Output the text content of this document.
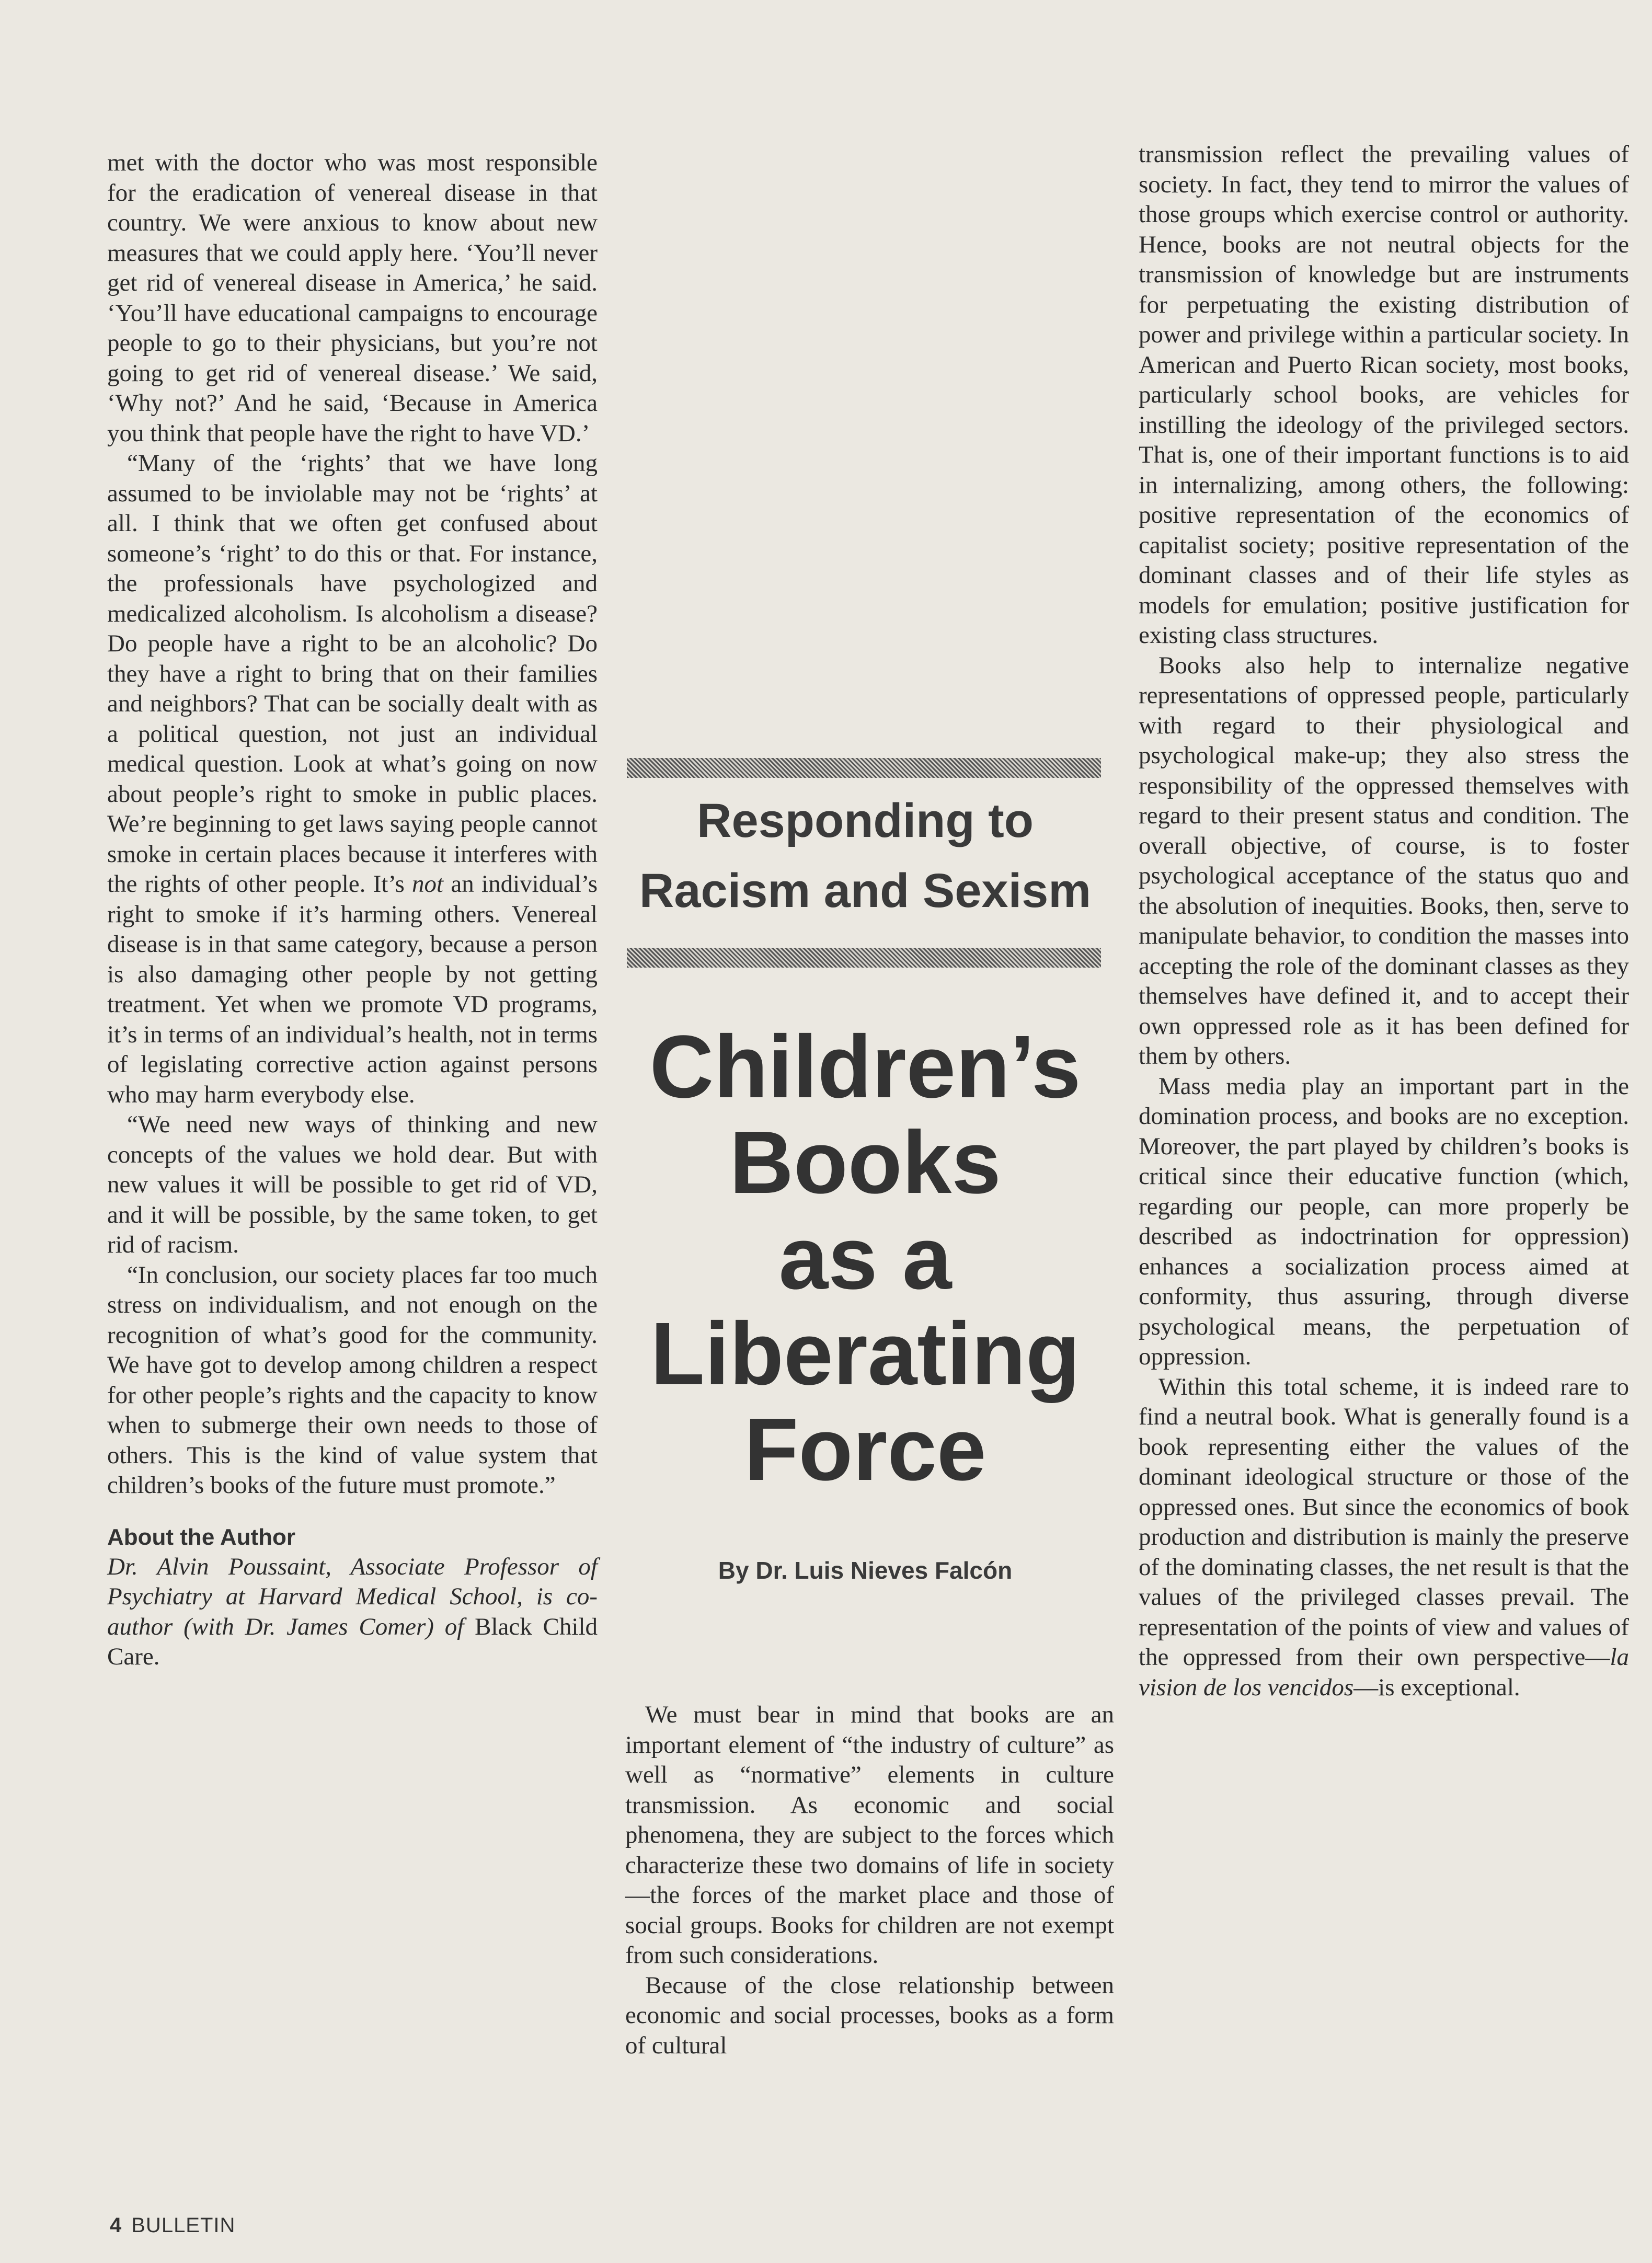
met with the doctor who was most responsible for the eradication of venereal disease in that country. We were anxious to know about new measures that we could apply here. ‘You’ll never get rid of venereal disease in America,’ he said. ‘You’ll have educational campaigns to encourage people to go to their physicians, but you’re not going to get rid of venereal disease.’ We said, ‘Why not?’ And he said, ‘Because in America you think that people have the right to have VD.’

“Many of the ‘rights’ that we have long assumed to be inviolable may not be ‘rights’ at all. I think that we often get confused about someone’s ‘right’ to do this or that. For instance, the professionals have psychologized and medicalized alcoholism. Is alcoholism a disease? Do people have a right to be an alcoholic? Do they have a right to bring that on their families and neighbors? That can be socially dealt with as a political question, not just an individual medical question. Look at what’s going on now about people’s right to smoke in public places. We’re beginning to get laws saying people cannot smoke in certain places because it interferes with the rights of other people. It’s not an individual’s right to smoke if it’s harming others. Venereal disease is in that same category, because a person is also damaging other people by not getting treatment. Yet when we promote VD programs, it’s in terms of an individual’s health, not in terms of legislating corrective action against persons who may harm everybody else.

“We need new ways of thinking and new concepts of the values we hold dear. But with new values it will be possible to get rid of VD, and it will be possible, by the same token, to get rid of racism.

“In conclusion, our society places far too much stress on individualism, and not enough on the recognition of what’s good for the community. We have got to develop among children a respect for other people’s rights and the capacity to know when to submerge their own needs to those of others. This is the kind of value system that children’s books of the future must promote.”

About the Author

Dr. Alvin Poussaint, Associate Professor of Psychiatry at Harvard Medical School, is co-author (with Dr. James Comer) of Black Child Care.

Responding to
Racism and Sexism
Children’s
Books
as a
Liberating
Force
By Dr. Luis Nieves Falcón

We must bear in mind that books are an important element of “the industry of culture” as well as “normative” elements in culture transmission. As economic and social phenomena, they are subject to the forces which characterize these two domains of life in society—the forces of the market place and those of social groups. Books for children are not exempt from such considerations.

Because of the close relationship between economic and social processes, books as a form of cultural

transmission reflect the prevailing values of society. In fact, they tend to mirror the values of those groups which exercise control or authority. Hence, books are not neutral objects for the transmission of knowledge but are instruments for perpetuating the existing distribution of power and privilege within a particular society. In American and Puerto Rican society, most books, particularly school books, are vehicles for instilling the ideology of the privileged sectors. That is, one of their important functions is to aid in internalizing, among others, the following: positive representation of the economics of capitalist society; positive representation of the dominant classes and of their life styles as models for emulation; positive justification for existing class structures.

Books also help to internalize negative representations of oppressed people, particularly with regard to their physiological and psychological make-up; they also stress the responsibility of the oppressed themselves with regard to their present status and condition. The overall objective, of course, is to foster psychological acceptance of the status quo and the absolution of inequities. Books, then, serve to manipulate behavior, to condition the masses into accepting the role of the dominant classes as they themselves have defined it, and to accept their own oppressed role as it has been defined for them by others.

Mass media play an important part in the domination process, and books are no exception. Moreover, the part played by children’s books is critical since their educative function (which, regarding our people, can more properly be described as indoctrination for oppression) enhances a socialization process aimed at conformity, thus assuring, through diverse psychological means, the perpetuation of oppression.

Within this total scheme, it is indeed rare to find a neutral book. What is generally found is a book representing either the values of the dominant ideological structure or those of the oppressed ones. But since the economics of book production and distribution is mainly the preserve of the dominating classes, the net result is that the values of the privileged classes prevail. The representation of the points of view and values of the oppressed from their own perspective—la vision de los vencidos—is exceptional.

4 BULLETIN
